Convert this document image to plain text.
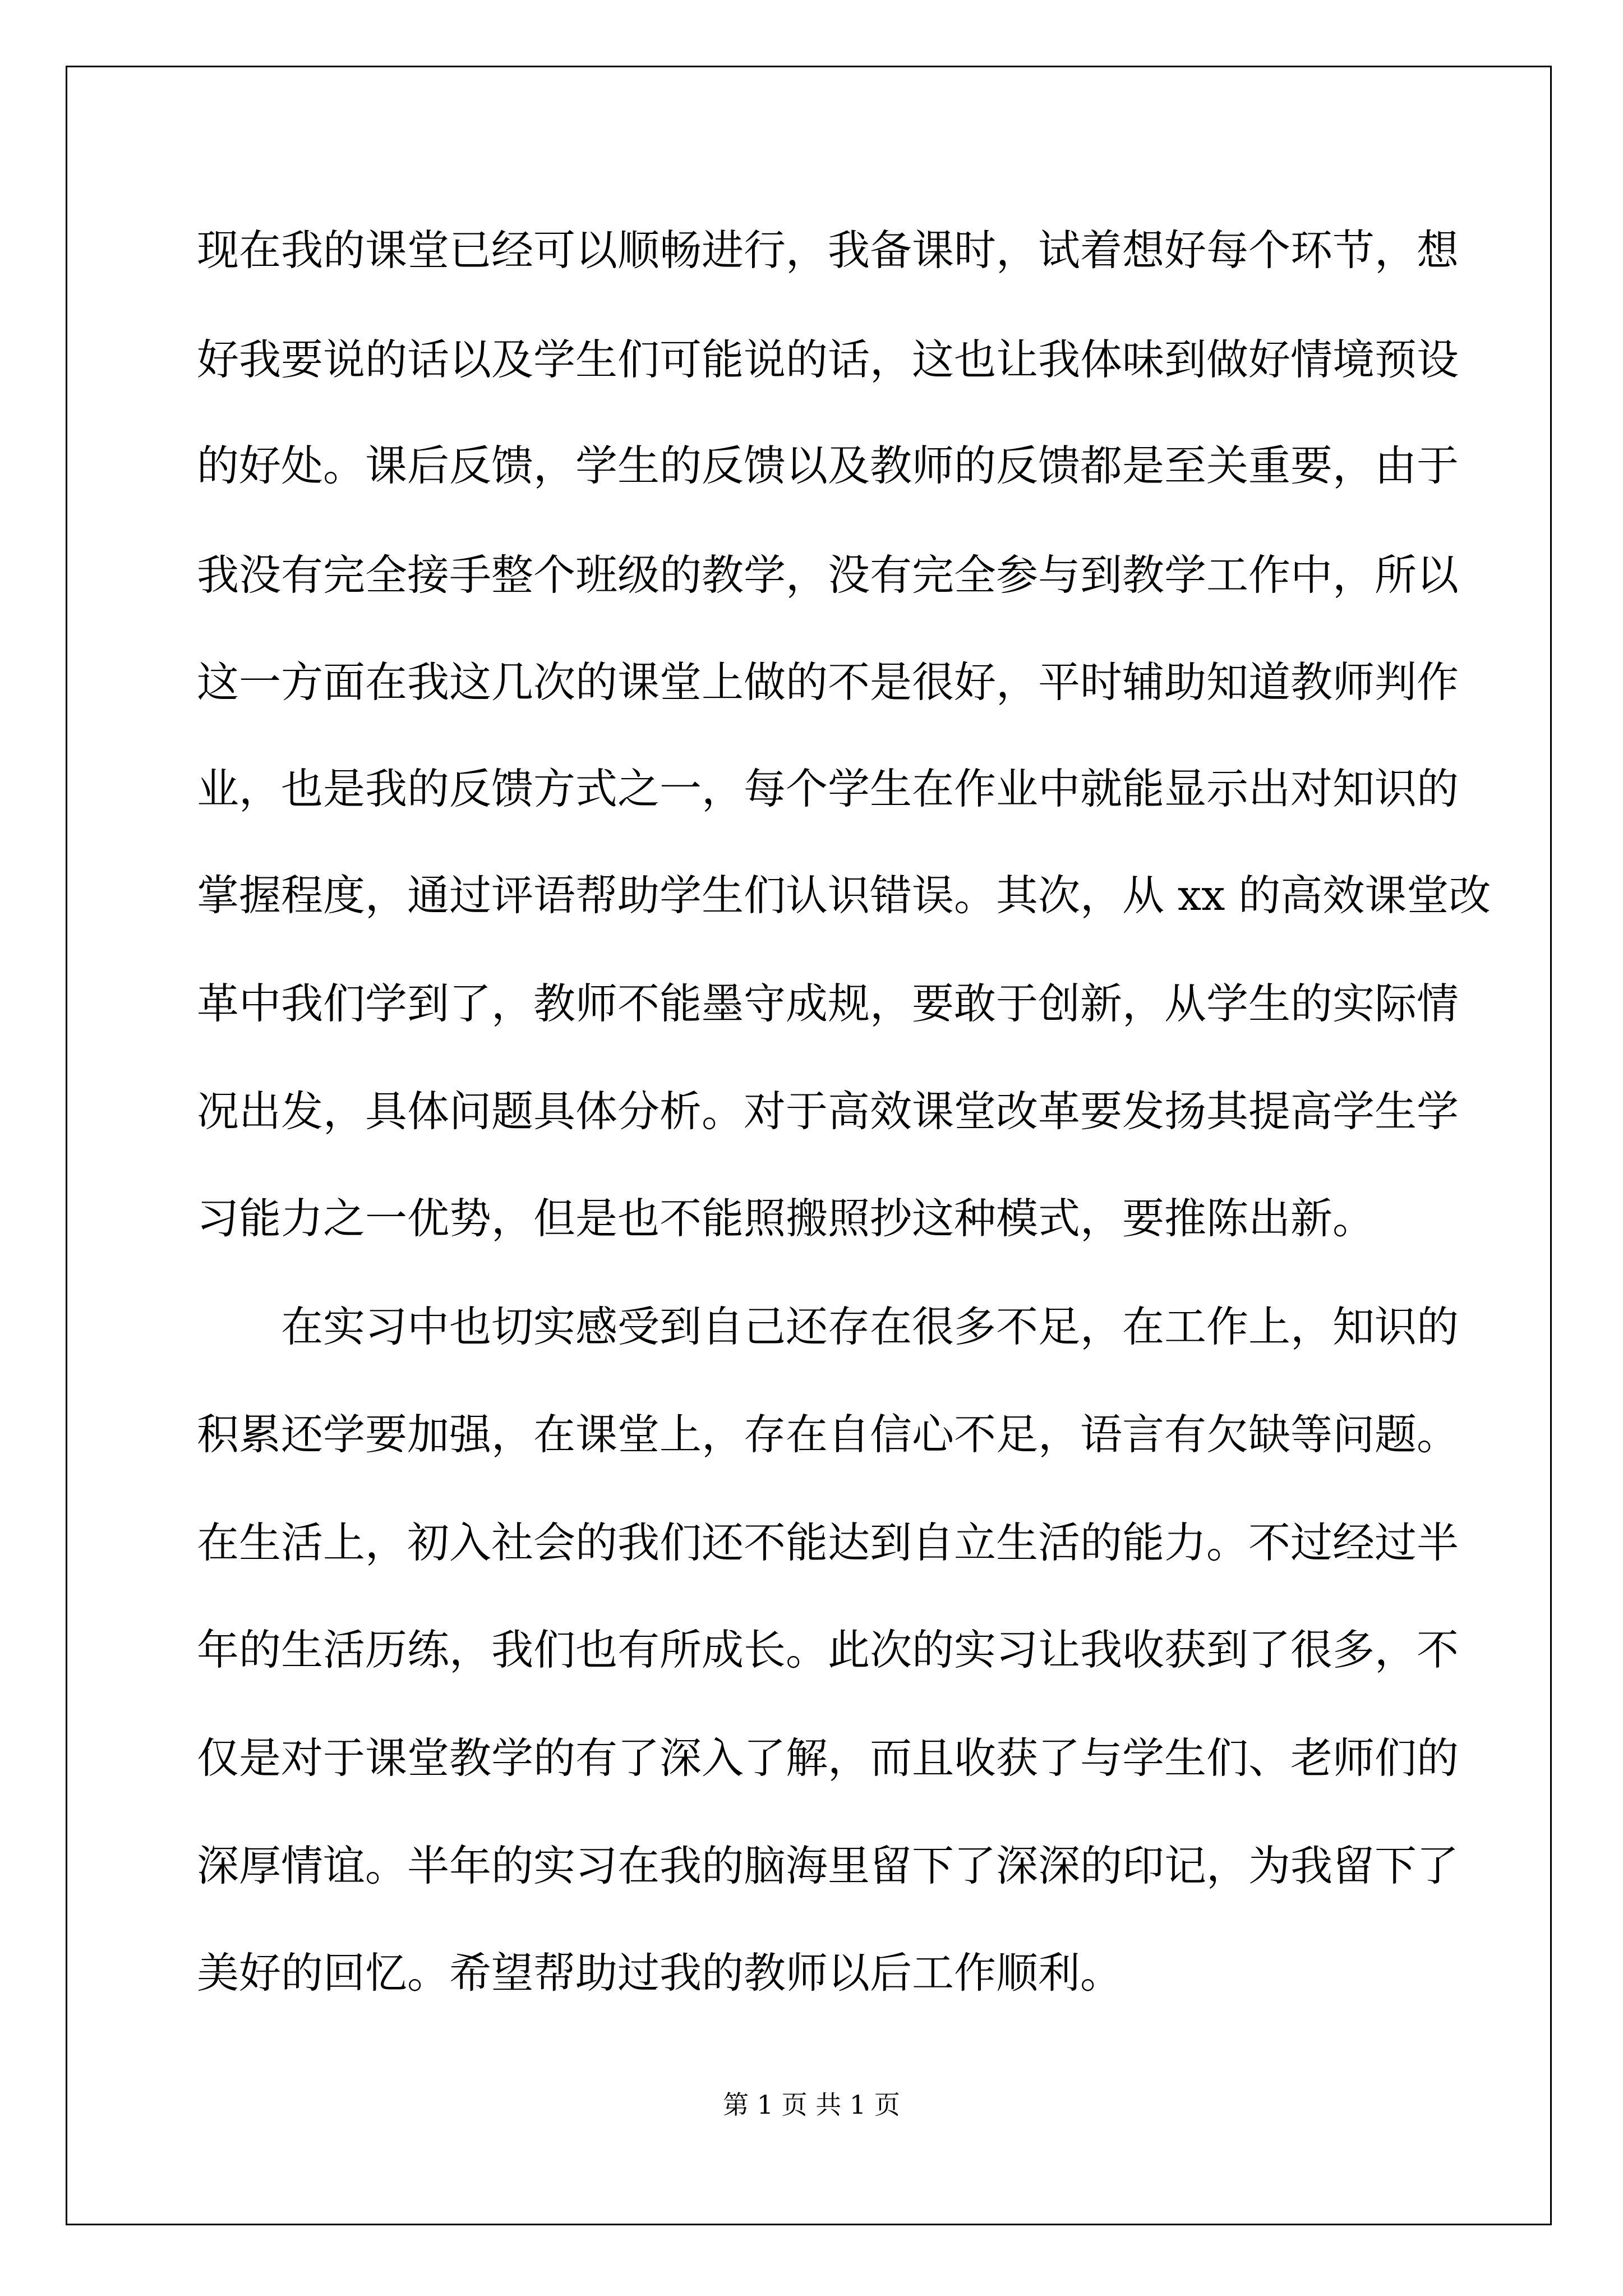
现在我的课堂已经可以顺畅进行，我备课时，试着想好每个环节，想
好我要说的话以及学生们可能说的话，这也让我体味到做好情境预设
的好处。课后反馈，学生的反馈以及教师的反馈都是至关重要，由于
我没有完全接手整个班级的教学，没有完全参与到教学工作中，所以
这一方面在我这几次的课堂上做的不是很好，平时辅助知道教师判作
业，也是我的反馈方式之一，每个学生在作业中就能显示出对知识的
掌握程度，通过评语帮助学生们认识错误。其次，从 xx 的高效课堂改
革中我们学到了，教师不能墨守成规，要敢于创新，从学生的实际情
况出发，具体问题具体分析。对于高效课堂改革要发扬其提高学生学
习能力之一优势，但是也不能照搬照抄这种模式，要推陈出新。
在实习中也切实感受到自己还存在很多不足，在工作上，知识的
积累还学要加强，在课堂上，存在自信心不足，语言有欠缺等问题。
在生活上，初入社会的我们还不能达到自立生活的能力。不过经过半
年的生活历练，我们也有所成长。此次的实习让我收获到了很多，不
仅是对于课堂教学的有了深入了解，而且收获了与学生们、老师们的
深厚情谊。半年的实习在我的脑海里留下了深深的印记，为我留下了
美好的回忆。希望帮助过我的教师以后工作顺利。
第 1 页 共 1 页
